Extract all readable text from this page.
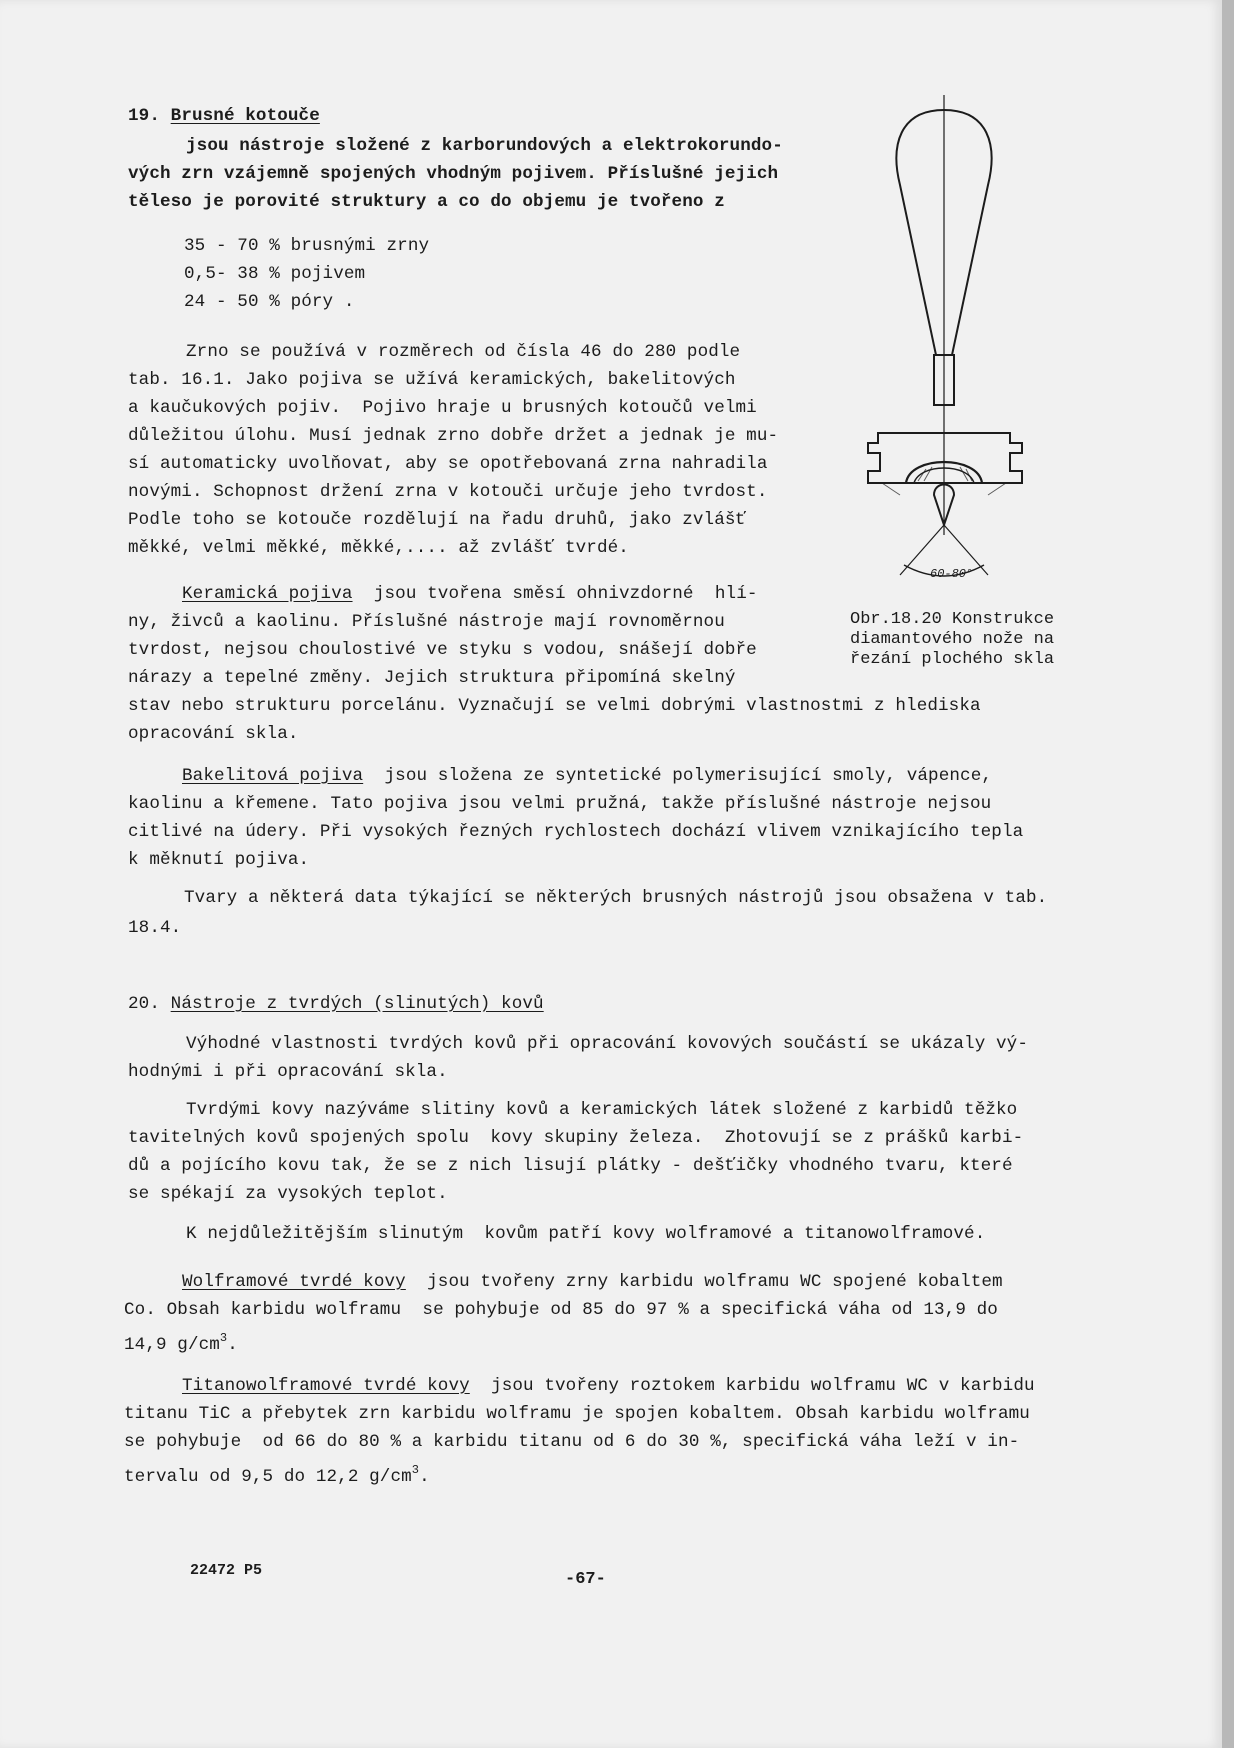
19. Brusné kotouče
jsou nástroje složené z karborundových a elektrokorundo-
vých zrn vzájemně spojených vhodným pojivem. Příslušné jejich
těleso je porovité struktury a co do objemu je tvořeno z
35 - 70 % brusnými zrny
0,5- 38 % pojivem
24 - 50 % póry .
Zrno se používá v rozměrech od čísla 46 do 280 podle
tab. 16.1. Jako pojiva se užívá keramických, bakelitových
a kaučukových pojiv.  Pojivo hraje u brusných kotoučů velmi
důležitou úlohu. Musí jednak zrno dobře držet a jednak je mu-
sí automaticky uvolňovat, aby se opotřebovaná zrna nahradila
novými. Schopnost držení zrna v kotouči určuje jeho tvrdost.
Podle toho se kotouče rozdělují na řadu druhů, jako zvlášť
měkké, velmi měkké, měkké,.... až zvlášť tvrdé.
Keramická pojiva  jsou tvořena směsí ohnivzdorné  hlí-
ny, živců a kaolinu. Příslušné nástroje mají rovnoměrnou
tvrdost, nejsou choulostivé ve styku s vodou, snášejí dobře
nárazy a tepelné změny. Jejich struktura připomíná skelný
stav nebo strukturu porcelánu. Vyznačují se velmi dobrými vlastnostmi z hlediska
opracování skla.
Bakelitová pojiva  jsou složena ze syntetické polymerisující smoly, vápence,
kaolinu a křemene. Tato pojiva jsou velmi pružná, takže příslušné nástroje nejsou
citlivé na údery. Při vysokých řezných rychlostech dochází vlivem vznikajícího tepla
k měknutí pojiva.
Tvary a některá data týkající se některých brusných nástrojů jsou obsažena v tab.
18.4.
60-80°
Obr.18.20 Konstrukce
diamantového nože na
řezání plochého skla
20. Nástroje z tvrdých (slinutých) kovů
Výhodné vlastnosti tvrdých kovů při opracování kovových součástí se ukázaly vý-
hodnými i při opracování skla.
Tvrdými kovy nazýváme slitiny kovů a keramických látek složené z karbidů těžko
tavitelných kovů spojených spolu  kovy skupiny železa.  Zhotovují se z prášků karbi-
dů a pojícího kovu tak, že se z nich lisují plátky - dešťičky vhodného tvaru, které
se spékají za vysokých teplot.
K nejdůležitějším slinutým  kovům patří kovy wolframové a titanowolframové.
Wolframové tvrdé kovy  jsou tvořeny zrny karbidu wolframu WC spojené kobaltem
Co. Obsah karbidu wolframu  se pohybuje od 85 do 97 % a specifická váha od 13,9 do
14,9 $g/cm^3$.
Titanowolframové tvrdé kovy  jsou tvořeny roztokem karbidu wolframu WC v karbidu
titanu TiC a přebytek zrn karbidu wolframu je spojen kobaltem. Obsah karbidu wolframu
se pohybuje  od 66 do 80 % a karbidu titanu od 6 do 30 %, specifická váha leží v in-
tervalu od 9,5 do 12,2 $g/cm^3$.
22472 P5	-67-
